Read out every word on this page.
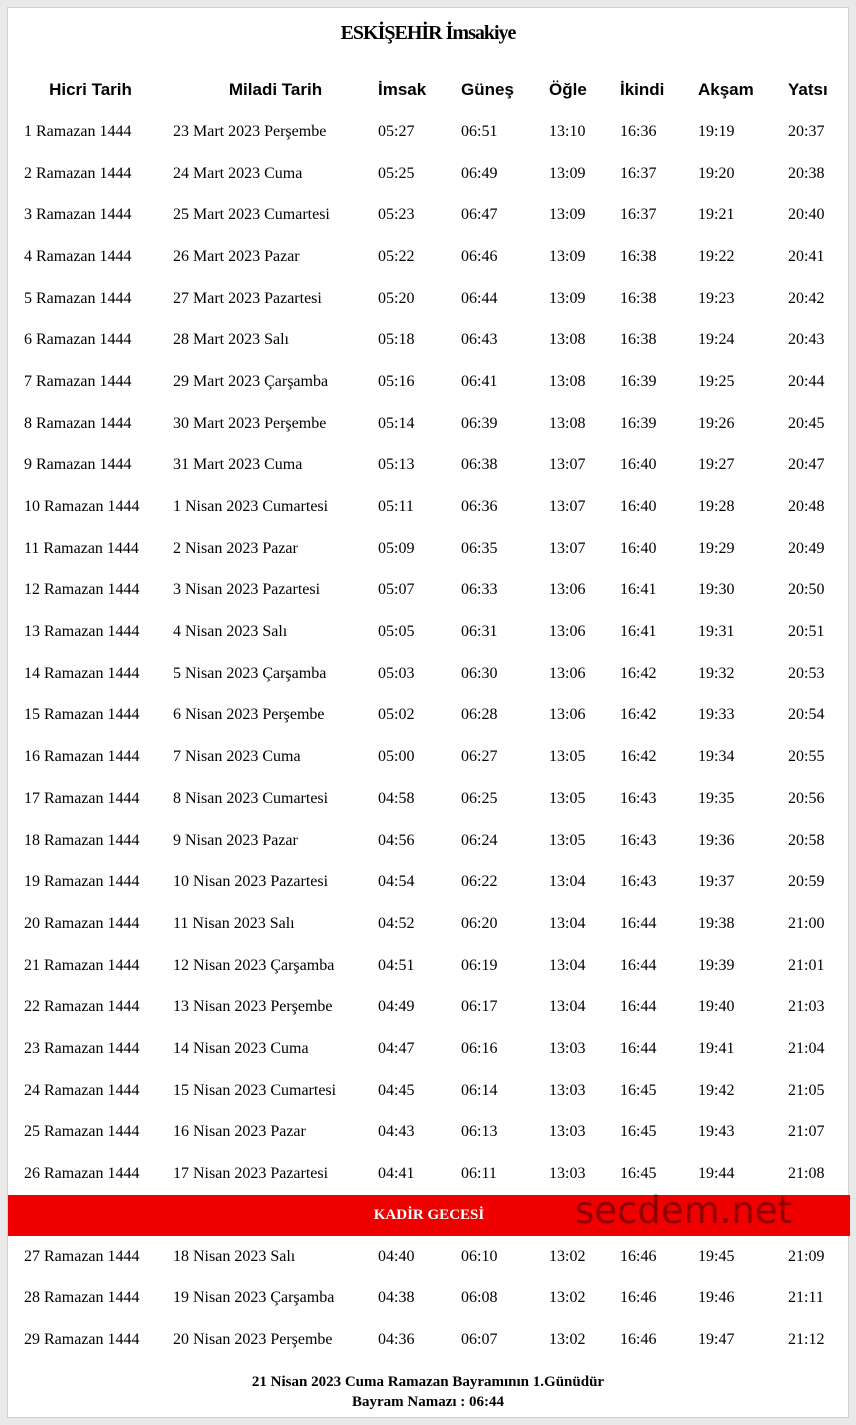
ESKİŞEHİR İmsakiye
Hicri Tarih	Miladi Tarih	İmsak	Güneş	Öğle	İkindi	Akşam	Yatsı
1 Ramazan 1444	23 Mart 2023 Perşembe	05:27	06:51	13:10	16:36	19:19	20:37
2 Ramazan 1444	24 Mart 2023 Cuma	05:25	06:49	13:09	16:37	19:20	20:38
3 Ramazan 1444	25 Mart 2023 Cumartesi	05:23	06:47	13:09	16:37	19:21	20:40
4 Ramazan 1444	26 Mart 2023 Pazar	05:22	06:46	13:09	16:38	19:22	20:41
5 Ramazan 1444	27 Mart 2023 Pazartesi	05:20	06:44	13:09	16:38	19:23	20:42
6 Ramazan 1444	28 Mart 2023 Salı	05:18	06:43	13:08	16:38	19:24	20:43
7 Ramazan 1444	29 Mart 2023 Çarşamba	05:16	06:41	13:08	16:39	19:25	20:44
8 Ramazan 1444	30 Mart 2023 Perşembe	05:14	06:39	13:08	16:39	19:26	20:45
9 Ramazan 1444	31 Mart 2023 Cuma	05:13	06:38	13:07	16:40	19:27	20:47
10 Ramazan 1444	1 Nisan 2023 Cumartesi	05:11	06:36	13:07	16:40	19:28	20:48
11 Ramazan 1444	2 Nisan 2023 Pazar	05:09	06:35	13:07	16:40	19:29	20:49
12 Ramazan 1444	3 Nisan 2023 Pazartesi	05:07	06:33	13:06	16:41	19:30	20:50
13 Ramazan 1444	4 Nisan 2023 Salı	05:05	06:31	13:06	16:41	19:31	20:51
14 Ramazan 1444	5 Nisan 2023 Çarşamba	05:03	06:30	13:06	16:42	19:32	20:53
15 Ramazan 1444	6 Nisan 2023 Perşembe	05:02	06:28	13:06	16:42	19:33	20:54
16 Ramazan 1444	7 Nisan 2023 Cuma	05:00	06:27	13:05	16:42	19:34	20:55
17 Ramazan 1444	8 Nisan 2023 Cumartesi	04:58	06:25	13:05	16:43	19:35	20:56
18 Ramazan 1444	9 Nisan 2023 Pazar	04:56	06:24	13:05	16:43	19:36	20:58
19 Ramazan 1444	10 Nisan 2023 Pazartesi	04:54	06:22	13:04	16:43	19:37	20:59
20 Ramazan 1444	11 Nisan 2023 Salı	04:52	06:20	13:04	16:44	19:38	21:00
21 Ramazan 1444	12 Nisan 2023 Çarşamba	04:51	06:19	13:04	16:44	19:39	21:01
22 Ramazan 1444	13 Nisan 2023 Perşembe	04:49	06:17	13:04	16:44	19:40	21:03
23 Ramazan 1444	14 Nisan 2023 Cuma	04:47	06:16	13:03	16:44	19:41	21:04
24 Ramazan 1444	15 Nisan 2023 Cumartesi	04:45	06:14	13:03	16:45	19:42	21:05
25 Ramazan 1444	16 Nisan 2023 Pazar	04:43	06:13	13:03	16:45	19:43	21:07
26 Ramazan 1444	17 Nisan 2023 Pazartesi	04:41	06:11	13:03	16:45	19:44	21:08
KADİR GECESİ							
27 Ramazan 1444	18 Nisan 2023 Salı	04:40	06:10	13:02	16:46	19:45	21:09
28 Ramazan 1444	19 Nisan 2023 Çarşamba	04:38	06:08	13:02	16:46	19:46	21:11
29 Ramazan 1444	20 Nisan 2023 Perşembe	04:36	06:07	13:02	16:46	19:47	21:12
secdem.net
21 Nisan 2023 Cuma Ramazan Bayramının 1.Günüdür
Bayram Namazı : 06:44
